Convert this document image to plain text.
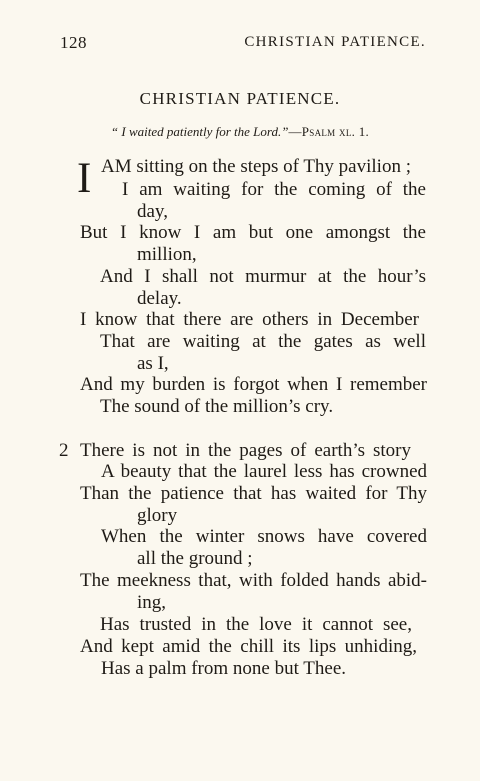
128	CHRISTIAN PATIENCE.
CHRISTIAN PATIENCE.
“ I waited patiently for the Lord.”—Psalm xl. 1.
I AM sitting on the steps of Thy pavilion ;
I am waiting for the coming of the
day,
But I know I am but one amongst the
million,
And I shall not murmur at the hour’s
delay.
I know that there are others in December
That are waiting at the gates as well
as I,
And my burden is forgot when I remember
The sound of the million’s cry.
2 There is not in the pages of earth’s story
A beauty that the laurel less has crowned
Than the patience that has waited for Thy
glory
When the winter snows have covered
all the ground ;
The meekness that, with folded hands abid-
ing,
Has trusted in the love it cannot see,
And kept amid the chill its lips unhiding,
Has a palm from none but Thee.
